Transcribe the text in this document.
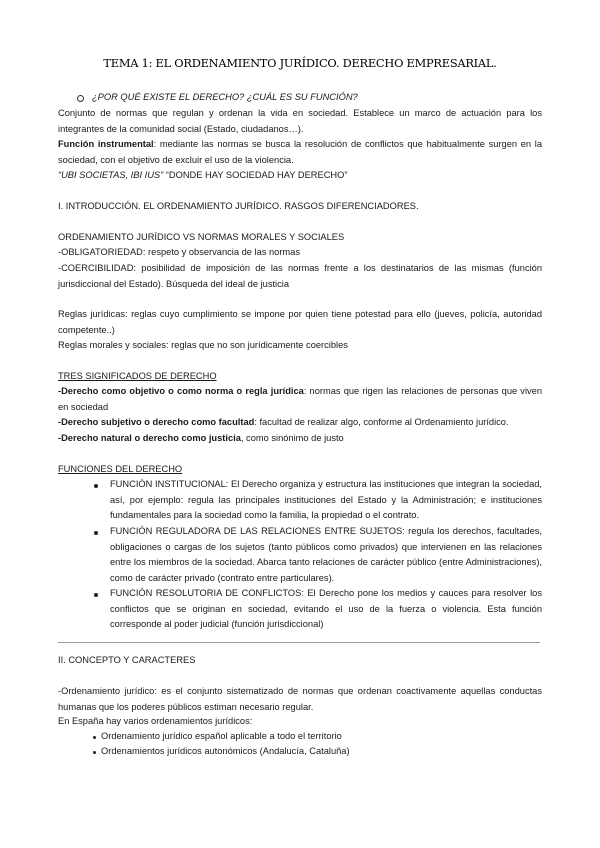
TEMA 1: EL ORDENAMIENTO JURÍDICO. DERECHO EMPRESARIAL.
¿POR QUÉ EXISTE EL DERECHO? ¿CUÁL ES SU FUNCIÓN?
Conjunto de normas que regulan y ordenan la vida en sociedad. Establece un marco de actuación para los integrantes de la comunidad social (Estado, ciudadanos…).
Función instrumental: mediante las normas se busca la resolución de conflictos que habitualmente surgen en la sociedad, con el objetivo de excluir el uso de la violencia.
“UBI SOCIETAS, IBI IUS” “DONDE HAY SOCIEDAD HAY DERECHO”
I. INTRODUCCIÓN. EL ORDENAMIENTO JURÍDICO. RASGOS DIFERENCIADORES.
ORDENAMIENTO JURÍDICO VS NORMAS MORALES Y SOCIALES
-OBLIGATORIEDAD: respeto y observancia de las normas
-COERCIBILIDAD: posibilidad de imposición de las normas frente a los destinatarios de las mismas (función jurisdiccional del Estado). Búsqueda del ideal de justicia
Reglas jurídicas: reglas cuyo cumplimiento se impone por quien tiene potestad para ello (jueves, policía, autoridad competente..)
Reglas morales y sociales: reglas que no son jurídicamente coercibles
TRES SIGNIFICADOS DE DERECHO
-Derecho como objetivo o como norma o regla jurídica: normas que rigen las relaciones de personas que viven en sociedad
-Derecho subjetivo o derecho como facultad: facultad de realizar algo, conforme al Ordenamiento jurídico.
-Derecho natural o derecho como justicia, como sinónimo de justo
FUNCIONES DEL DERECHO
FUNCIÓN INSTITUCIONAL: El Derecho organiza y estructura las instituciones que integran la sociedad, así, por ejemplo: regula las principales instituciones del Estado y la Administración; e instituciones fundamentales para la sociedad como la familia, la propiedad o el contrato.
FUNCIÓN REGULADORA DE LAS RELACIONES ENTRE SUJETOS: regula los derechos, facultades, obligaciones o cargas de los sujetos (tanto públicos como privados) que intervienen en las relaciones entre los miembros de la sociedad. Abarca tanto relaciones de carácter público (entre Administraciones), como de carácter privado (contrato entre particulares).
FUNCIÓN RESOLUTORIA DE CONFLICTOS: El Derecho pone los medios y cauces para resolver los conflictos que se originan en sociedad, evitando el uso de la fuerza o violencia. Esta función corresponde al poder judicial (función jurisdiccional)
II. CONCEPTO Y CARACTERES
-Ordenamiento jurídico: es el conjunto sistematizado de normas que ordenan coactivamente aquellas conductas humanas que los poderes públicos estiman necesario regular.
En España hay varios ordenamientos jurídicos:
Ordenamiento jurídico español aplicable a todo el territorio
Ordenamientos jurídicos autonómicos (Andalucía, Cataluña)
